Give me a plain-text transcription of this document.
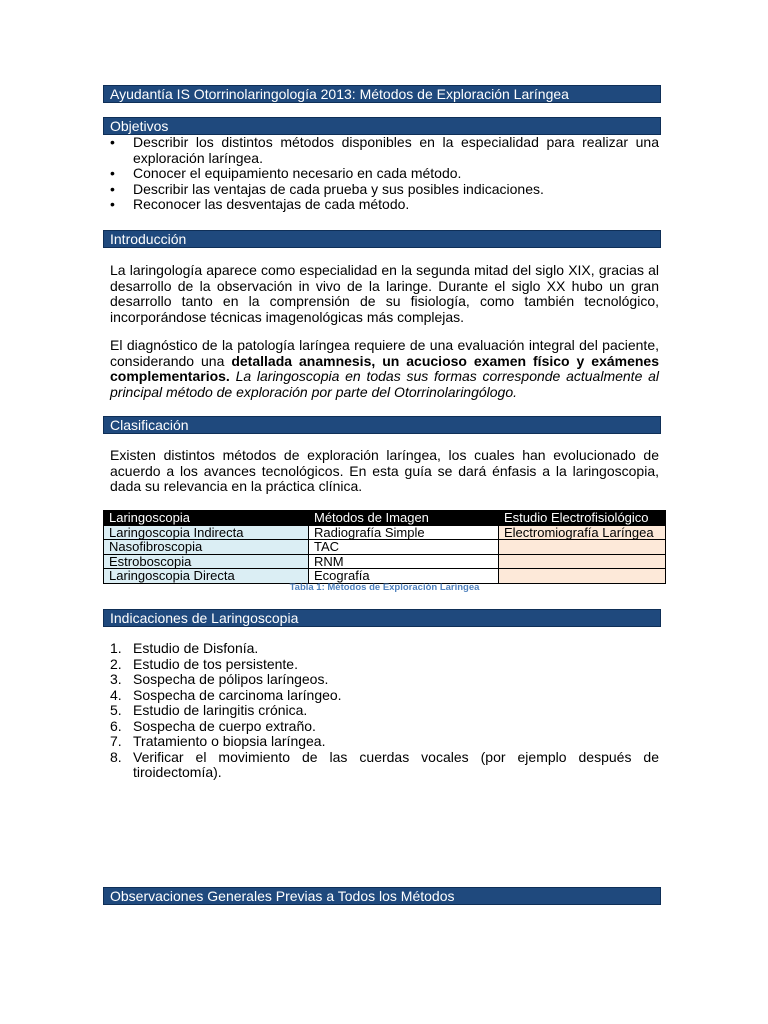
Ayudantía IS Otorrinolaringología 2013: Métodos de Exploración Laríngea
Objetivos
• Describir los distintos métodos disponibles en la especialidad para realizar una exploración laríngea.
• Conocer el equipamiento necesario en cada método.
• Describir las ventajas de cada prueba y sus posibles indicaciones.
• Reconocer las desventajas de cada método.
Introducción

La laringología aparece como especialidad en la segunda mitad del siglo XIX, gracias al desarrollo de la observación in vivo de la laringe. Durante el siglo XX hubo un gran desarrollo tanto en la comprensión de su fisiología, como también tecnológico, incorporándose técnicas imagenológicas más complejas.

El diagnóstico de la patología laríngea requiere de una evaluación integral del paciente, considerando una detallada anamnesis, un acucioso examen físico y exámenes complementarios. La laringoscopia en todas sus formas corresponde actualmente al principal método de exploración por parte del Otorrinolaringólogo.

Clasificación

Existen distintos métodos de exploración laríngea, los cuales han evolucionado de acuerdo a los avances tecnológicos. En esta guía se dará énfasis a la laringoscopia, dada su relevancia en la práctica clínica.

Laringoscopia	Métodos de Imagen	Estudio Electrofisiológico
Laringoscopia Indirecta	Radiografía Simple	Electromiografía Laríngea
Nasofibroscopia	TAC	
Estroboscopia	RNM	
Laringoscopia Directa	Ecografía	
Tabla 1: Métodos de Exploración Laríngea
Indicaciones de Laringoscopia
1. Estudio de Disfonía.
2. Estudio de tos persistente.
3. Sospecha de pólipos laríngeos.
4. Sospecha de carcinoma laríngeo.
5. Estudio de laringitis crónica.
6. Sospecha de cuerpo extraño.
7. Tratamiento o biopsia laríngea.
8. Verificar el movimiento de las cuerdas vocales (por ejemplo después de tiroidectomía).
Observaciones Generales Previas a Todos los Métodos
